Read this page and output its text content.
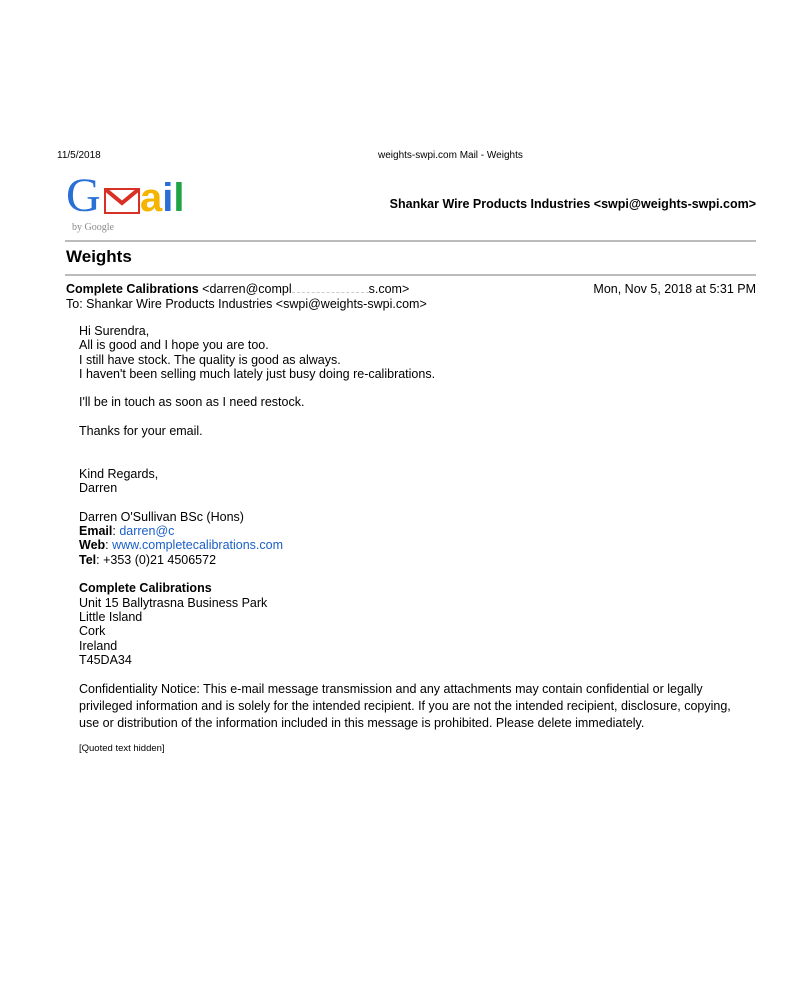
11/5/2018	weights-swpi.com Mail - Weights
G ail
by Google
Shankar Wire Products Industries <swpi@weights-swpi.com>
Weights
Complete Calibrations <darren@compl	s.com>	Mon, Nov 5, 2018 at 5:31 PM
To: Shankar Wire Products Industries <swpi@weights-swpi.com>

Hi Surendra,

All is good and I hope you are too.

I still have stock. The quality is good as always.

I haven't been selling much lately just busy doing re-calibrations.

I'll be in touch as soon as I need restock.

Thanks for your email.

Kind Regards,

Darren

Darren O'Sullivan BSc (Hons)

Email: darren@c

Web: www.completecalibrations.com

Tel: +353 (0)21 4506572

Complete Calibrations

Unit 15 Ballytrasna Business Park

Little Island

Cork

Ireland

T45DA34

Confidentiality Notice: This e-mail message transmission and any attachments may contain confidential or legally privileged information and is solely for the intended recipient. If you are not the intended recipient, disclosure, copying, use or distribution of the information included in this message is prohibited. Please delete immediately.

[Quoted text hidden]
